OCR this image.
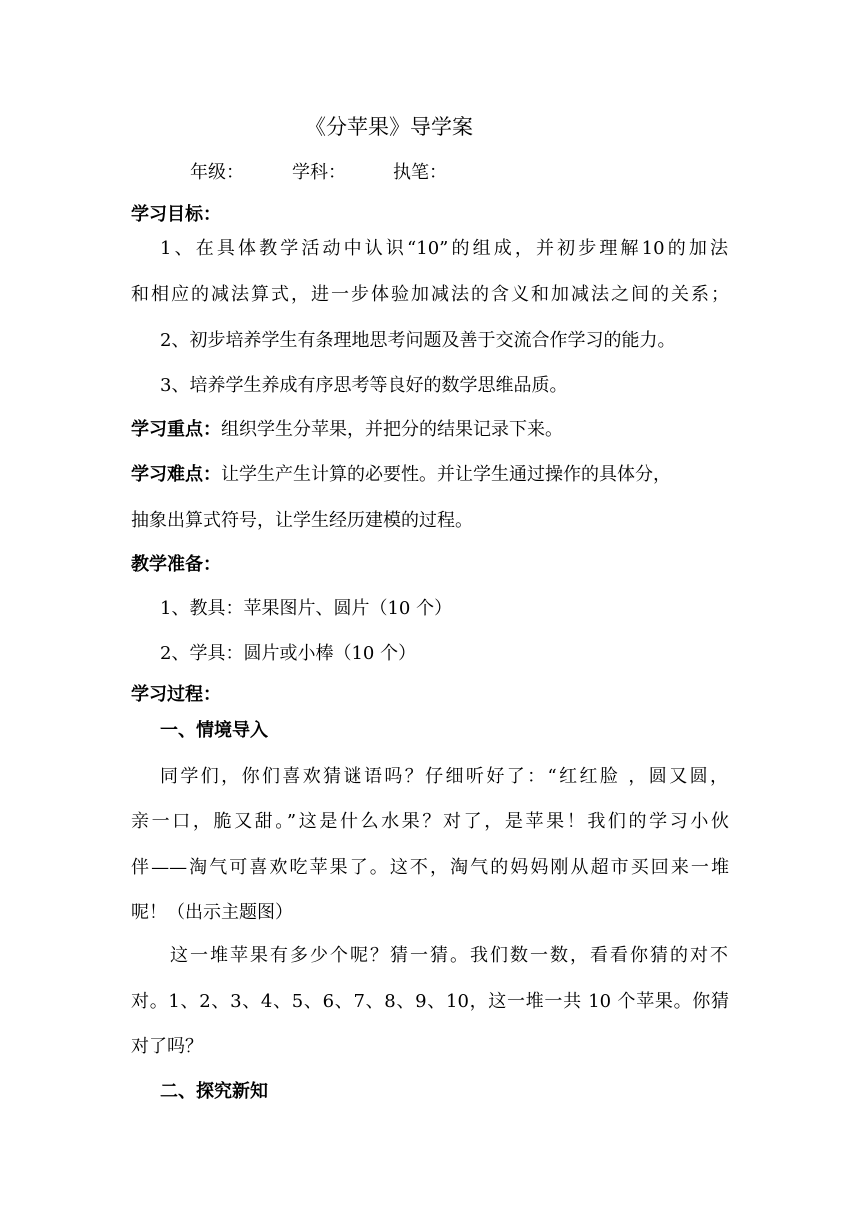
《分苹果》导学案
年级：	学科：	执笔：
学习目标：
1、在具体教学活动中认识“10”的组成，并初步理解10的加法
和相应的减法算式，进一步体验加减法的含义和加减法之间的关系；
2、初步培养学生有条理地思考问题及善于交流合作学习的能力。
3、培养学生养成有序思考等良好的数学思维品质。
学习重点：组织学生分苹果，并把分的结果记录下来。
学习难点：让学生产生计算的必要性。并让学生通过操作的具体分，
抽象出算式符号，让学生经历建模的过程。
教学准备：
1、教具：苹果图片、圆片（10 个）
2、学具：圆片或小棒（10 个）
学习过程：
一、情境导入
同学们，你们喜欢猜谜语吗？仔细听好了：“红红脸 ，圆又圆，
亲一口，脆又甜。”这是什么水果？对了，是苹果！我们的学习小伙
伴——淘气可喜欢吃苹果了。这不，淘气的妈妈刚从超市买回来一堆
呢！（出示主题图）
这一堆苹果有多少个呢？猜一猜。我们数一数，看看你猜的对不
对。1、2、3、4、5、6、7、8、9、10，这一堆一共 10 个苹果。你猜
对了吗？
二、探究新知
